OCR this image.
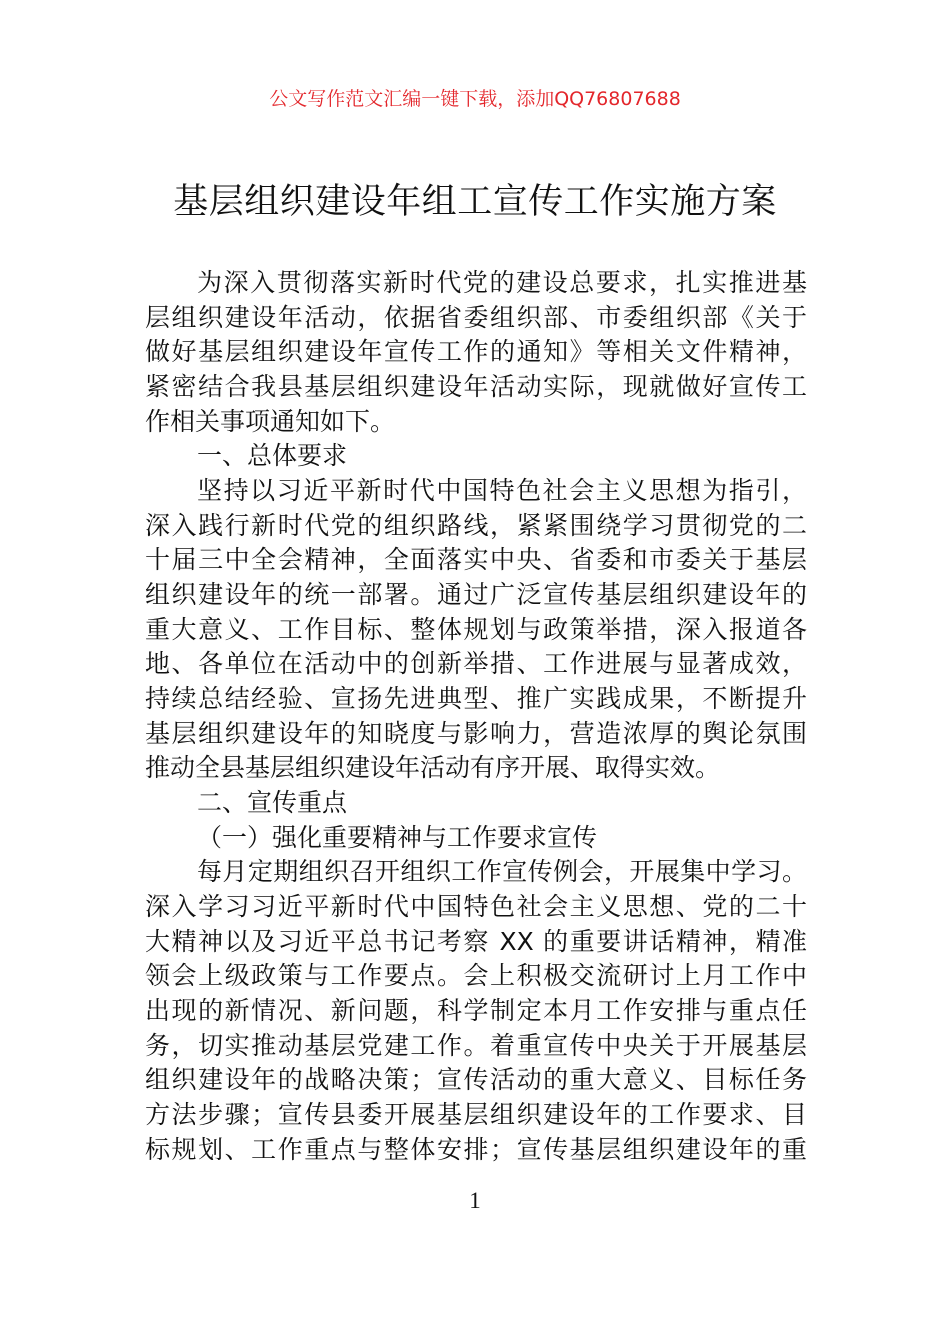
公文写作范文汇编一键下载，添加QQ76807688
基层组织建设年组工宣传工作实施方案
为深入贯彻落实新时代党的建设总要求，扎实推进基
层组织建设年活动，依据省委组织部、市委组织部《关于
做好基层组织建设年宣传工作的通知》等相关文件精神，
紧密结合我县基层组织建设年活动实际，现就做好宣传工
作相关事项通知如下。
一、总体要求
坚持以习近平新时代中国特色社会主义思想为指引，
深入践行新时代党的组织路线，紧紧围绕学习贯彻党的二
十届三中全会精神，全面落实中央、省委和市委关于基层
组织建设年的统一部署。通过广泛宣传基层组织建设年的
重大意义、工作目标、整体规划与政策举措，深入报道各
地、各单位在活动中的创新举措、工作进展与显著成效，
持续总结经验、宣扬先进典型、推广实践成果，不断提升
基层组织建设年的知晓度与影响力，营造浓厚的舆论氛围
推动全县基层组织建设年活动有序开展、取得实效。
二、宣传重点
（一）强化重要精神与工作要求宣传
每月定期组织召开组织工作宣传例会，开展集中学习。
深入学习习近平新时代中国特色社会主义思想、党的二十
大精神以及习近平总书记考察 XX 的重要讲话精神，精准
领会上级政策与工作要点。会上积极交流研讨上月工作中
出现的新情况、新问题，科学制定本月工作安排与重点任
务，切实推动基层党建工作。着重宣传中央关于开展基层
组织建设年的战略决策；宣传活动的重大意义、目标任务
方法步骤；宣传县委开展基层组织建设年的工作要求、目
标规划、工作重点与整体安排；宣传基层组织建设年的重
1
